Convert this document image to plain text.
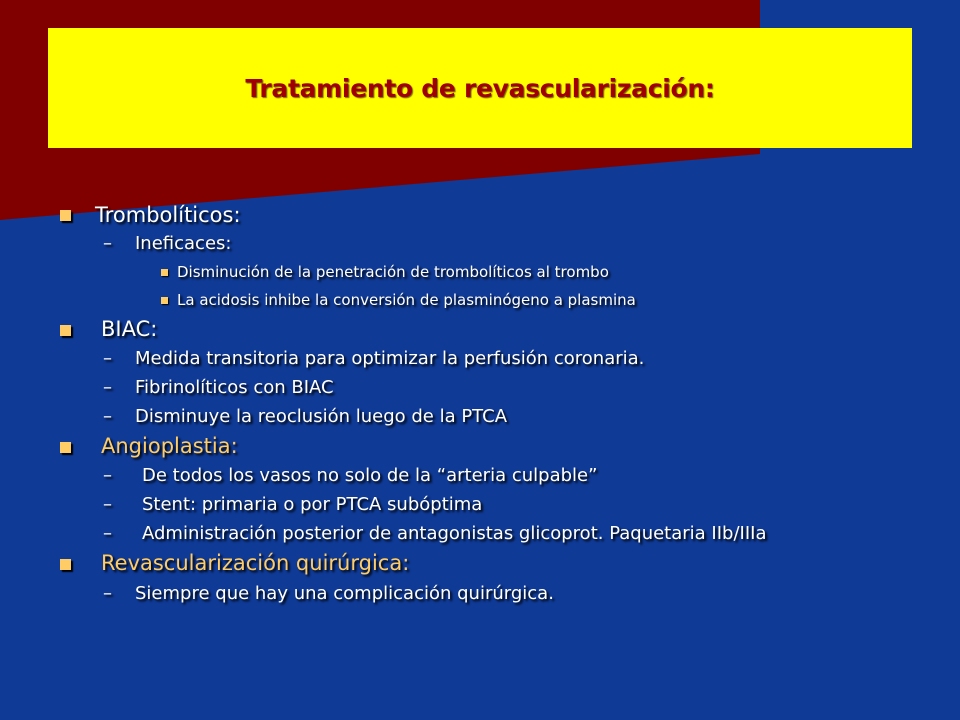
Tratamiento de revascularización:
Trombolíticos:
– Ineficaces:
Disminución de la penetración de trombolíticos al trombo
La acidosis inhibe la conversión de plasminógeno a plasmina
BIAC:
– Medida transitoria para optimizar la perfusión coronaria.
– Fibrinolíticos con BIAC
– Disminuye la reoclusión luego de la PTCA
Angioplastia:
– De todos los vasos no solo de la “arteria culpable”
– Stent: primaria o por PTCA subóptima
– Administración posterior de antagonistas glicoprot. Paquetaria IIb/IIIa
Revascularización quirúrgica:
– Siempre que hay una complicación quirúrgica.
